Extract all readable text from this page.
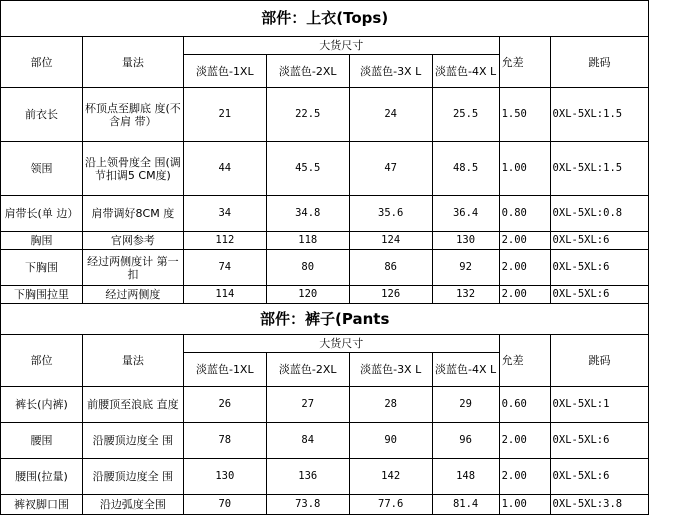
部件：上衣(Tops)								
部位	量法	大货尺寸				允差	跳码	
		淡蓝色-1XL	淡蓝色-2XL	淡蓝色-3X L	淡蓝色-4X L			
前衣长	杯顶点至脚底 度(不含肩 带）	21	22.5	24	25.5	1.50	0XL-5XL:1.5	
领围	沿上领骨度全 围(调节扣调5 CM度)	44	45.5	47	48.5	1.00	0XL-5XL:1.5	
肩带长(单 边）	肩带调好8CM 度	34	34.8	35.6	36.4	0.80	0XL-5XL:0.8	
胸围	官网参考	112	118	124	130	2.00	0XL-5XL:6	
下胸围	经过两侧度计 第一扣	74	80	86	92	2.00	0XL-5XL:6	
下胸围拉里	经过两侧度	114	120	126	132	2.00	0XL-5XL:6	
部件：裤子(Pants								
部位	量法	大货尺寸				允差	跳码	
		淡蓝色-1XL	淡蓝色-2XL	淡蓝色-3X L	淡蓝色-4X L			
裤长(内裤)	前腰顶至浪底 直度	26	27	28	29	0.60	0XL-5XL:1	
腰围	沿腰顶边度全 围	78	84	90	96	2.00	0XL-5XL:6	
腰围(拉量)	沿腰顶边度全 围	130	136	142	148	2.00	0XL-5XL:6	
裤衩脚口围	沿边弧度全围	70	73.8	77.6	81.4	1.00	0XL-5XL:3.8	
